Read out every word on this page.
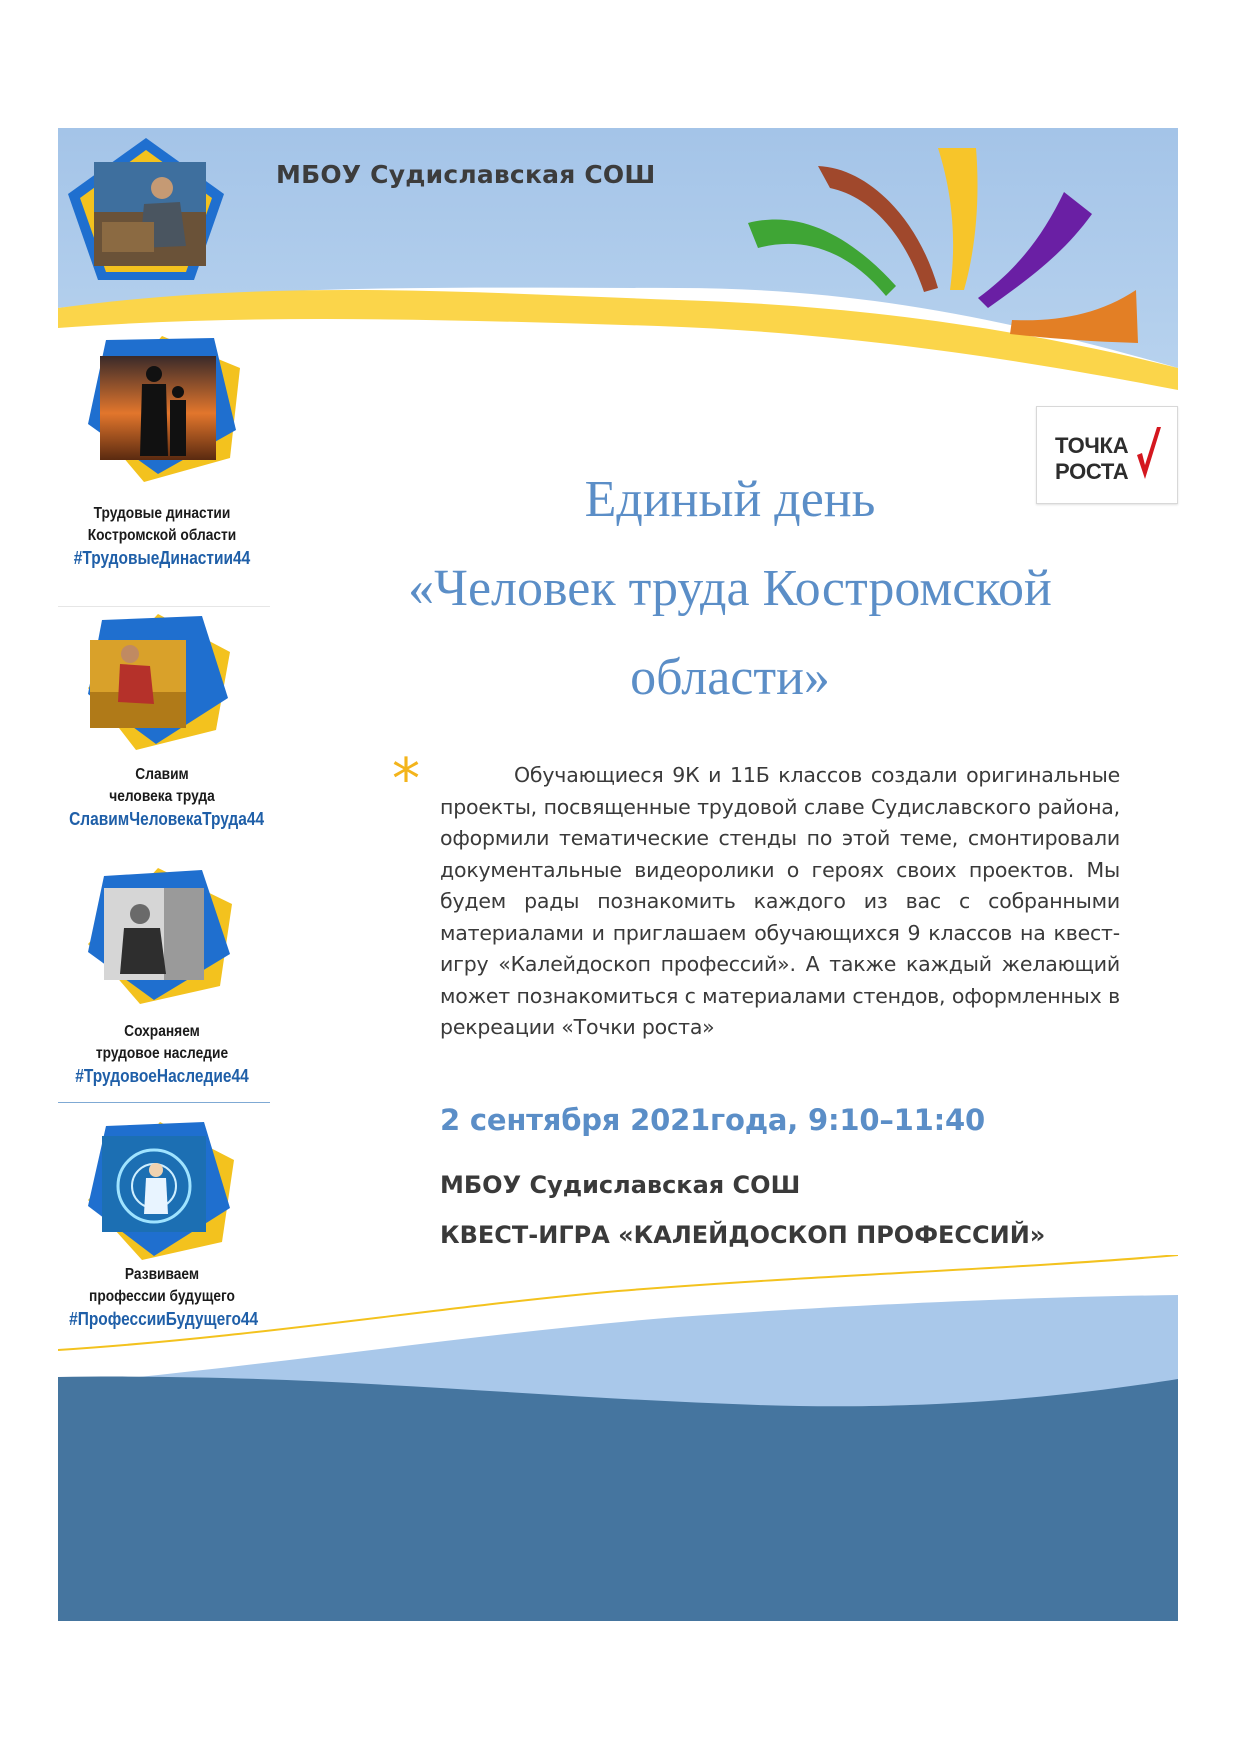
МБОУ Судиславская СОШ
ТОЧКА
РОСТА
Трудовые династии
Костромской области
#ТрудовыеДинастии44
Славим
человека труда
СлавимЧеловекаТруда44
Сохраняем
трудовое наследие
#ТрудовоеНаследие44
Развиваем
профессии будущего
#ПрофессииБудущего44
Единый день
«Человек труда Костромской
области»
*	Обучающиеся 9К и 11Б классов создали оригинальные проекты, посвященные трудовой славе Судиславского района, оформили тематические стенды по этой теме, смонтировали документальные видеоролики о героях своих проектов. Мы будем рады познакомить каждого из вас с собранными материалами и приглашаем обучающихся 9 классов на квест-игру «Калейдоскоп профессий». А также каждый желающий может познакомиться с материалами стендов, оформленных в рекреации «Точки роста»
2 сентября 2021года, 9:10–11:40
МБОУ Судиславская СОШ
КВЕСТ-ИГРА «КАЛЕЙДОСКОП ПРОФЕССИЙ»
